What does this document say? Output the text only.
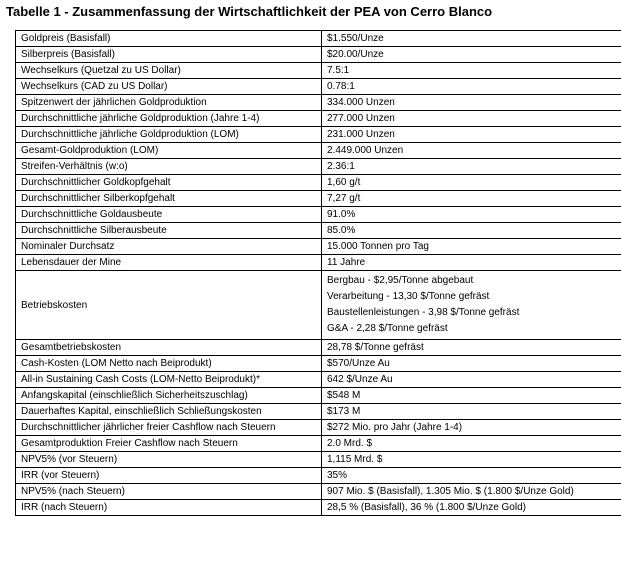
Tabelle 1 - Zusammenfassung der Wirtschaftlichkeit der PEA von Cerro Blanco
Goldpreis (Basisfall)	$1.550/Unze
Silberpreis (Basisfall)	$20.00/Unze
Wechselkurs (Quetzal zu US Dollar)	7.5:1
Wechselkurs (CAD zu US Dollar)	0.78:1
Spitzenwert der jährlichen Goldproduktion	334.000 Unzen
Durchschnittliche jährliche Goldproduktion (Jahre 1-4)	277.000 Unzen
Durchschnittliche jährliche Goldproduktion (LOM)	231.000 Unzen
Gesamt-Goldproduktion (LOM)	2.449.000 Unzen
Streifen-Verhältnis (w:o)	2.36:1
Durchschnittlicher Goldkopfgehalt	1,60 g/t
Durchschnittlicher Silberkopfgehalt	7,27 g/t
Durchschnittliche Goldausbeute	91.0%
Durchschnittliche Silberausbeute	85.0%
Nominaler Durchsatz	15.000 Tonnen pro Tag
Lebensdauer der Mine	11 Jahre
Betriebskosten	Bergbau - $2,95/Tonne abgebaut
Verarbeitung - 13,30 $/Tonne gefräst
Baustellenleistungen - 3,98 $/Tonne gefräst
G&A - 2,28 $/Tonne gefräst

Gesamtbetriebskosten	28,78 $/Tonne gefräst
Cash-Kosten (LOM Netto nach Beiprodukt)	$570/Unze Au
All-in Sustaining Cash Costs (LOM-Netto Beiprodukt)*	642 $/Unze Au
Anfangskapital (einschließlich Sicherheitszuschlag)	$548 M
Dauerhaftes Kapital, einschließlich Schließungskosten	$173 M
Durchschnittlicher jährlicher freier Cashflow nach Steuern	$272 Mio. pro Jahr (Jahre 1-4)
Gesamtproduktion Freier Cashflow nach Steuern	2.0 Mrd. $
NPV5% (vor Steuern)	1,115 Mrd. $
IRR (vor Steuern)	35%
NPV5% (nach Steuern)	907 Mio. $ (Basisfall), 1.305 Mio. $ (1.800 $/Unze Gold)
IRR (nach Steuern)	28,5 % (Basisfall), 36 % (1.800 $/Unze Gold)
